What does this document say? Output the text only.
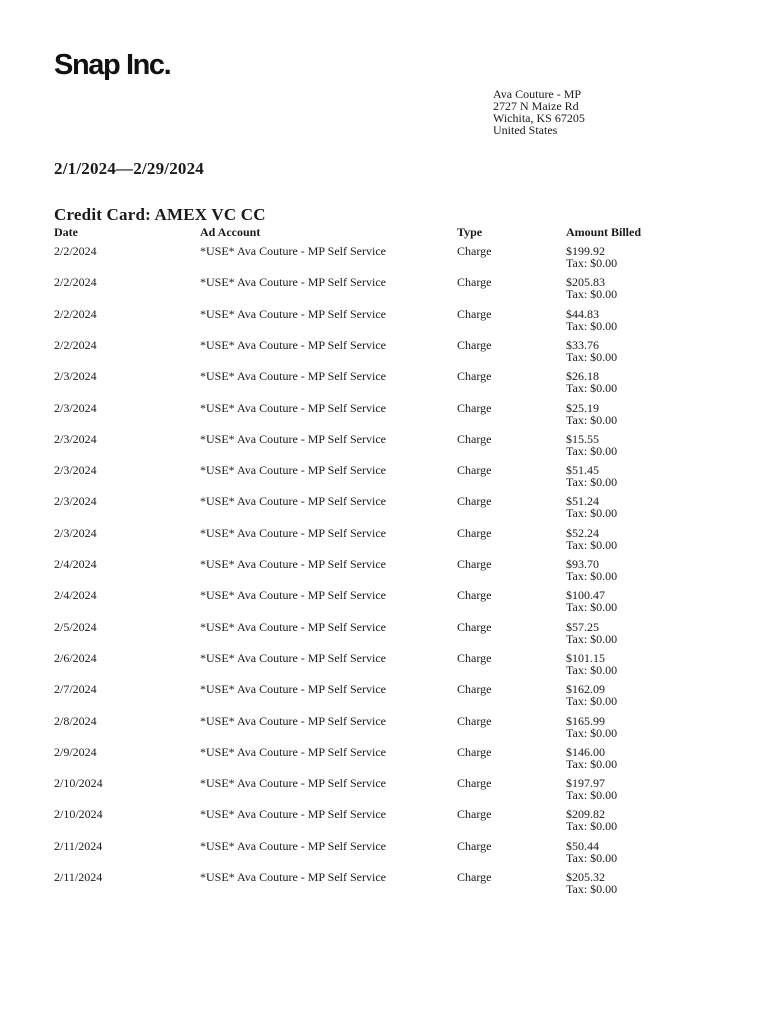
Snap Inc.
Ava Couture - MP
2727 N Maize Rd
Wichita, KS 67205
United States
2/1/2024—2/29/2024
Credit Card: AMEX VC CC
Date	Ad Account	Type	Amount Billed
2/2/2024	*USE* Ava Couture - MP Self Service	Charge	$199.92
Tax: $0.00
2/2/2024	*USE* Ava Couture - MP Self Service	Charge	$205.83
Tax: $0.00
2/2/2024	*USE* Ava Couture - MP Self Service	Charge	$44.83
Tax: $0.00
2/2/2024	*USE* Ava Couture - MP Self Service	Charge	$33.76
Tax: $0.00
2/3/2024	*USE* Ava Couture - MP Self Service	Charge	$26.18
Tax: $0.00
2/3/2024	*USE* Ava Couture - MP Self Service	Charge	$25.19
Tax: $0.00
2/3/2024	*USE* Ava Couture - MP Self Service	Charge	$15.55
Tax: $0.00
2/3/2024	*USE* Ava Couture - MP Self Service	Charge	$51.45
Tax: $0.00
2/3/2024	*USE* Ava Couture - MP Self Service	Charge	$51.24
Tax: $0.00
2/3/2024	*USE* Ava Couture - MP Self Service	Charge	$52.24
Tax: $0.00
2/4/2024	*USE* Ava Couture - MP Self Service	Charge	$93.70
Tax: $0.00
2/4/2024	*USE* Ava Couture - MP Self Service	Charge	$100.47
Tax: $0.00
2/5/2024	*USE* Ava Couture - MP Self Service	Charge	$57.25
Tax: $0.00
2/6/2024	*USE* Ava Couture - MP Self Service	Charge	$101.15
Tax: $0.00
2/7/2024	*USE* Ava Couture - MP Self Service	Charge	$162.09
Tax: $0.00
2/8/2024	*USE* Ava Couture - MP Self Service	Charge	$165.99
Tax: $0.00
2/9/2024	*USE* Ava Couture - MP Self Service	Charge	$146.00
Tax: $0.00
2/10/2024	*USE* Ava Couture - MP Self Service	Charge	$197.97
Tax: $0.00
2/10/2024	*USE* Ava Couture - MP Self Service	Charge	$209.82
Tax: $0.00
2/11/2024	*USE* Ava Couture - MP Self Service	Charge	$50.44
Tax: $0.00
2/11/2024	*USE* Ava Couture - MP Self Service	Charge	$205.32
Tax: $0.00
